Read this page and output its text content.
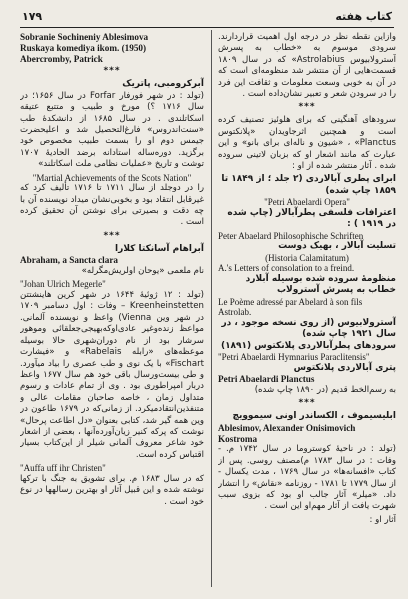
۱۷۹	کتاب هفته

Sobranie Sochineniy Ablesimova

Ruskaya komediya ikom. (1950)

Abercromby, Patrick

***

آبرکرومبی، پاتریک

(تولد : در شهر فورفار Forfar در سال ۱۶۵۶؛ در سال ۱۷۱۶ ؟) مورخ و طبیب و متتبع عتیقه اسکاتلندی . در سال ۱۶۸۵ از دانشکدهٔ طب «سنت‌اندروس» فارغ‌التحصیل شد و اعلیحضرت جیمس دوم او را بسمت طبیب مخصوص خود برگزید. دوره‌ساله استادانه برضد الحادیهٔ ۱۷۰۷ توشت و تاریخ «عملیات نظامی ملت اسکاتلند»

"Martial Achievements of the Scots Nation"

را در دوجلد از سال ۱۷۱۱ تا ۱۷۱۶ تألیف کرد که غیرقابل انتقاد بود و بخوبی‌نشان میداد نویسنده آن با چه دقت و بصیرتی برای نوشتن آن تحقیق کرده است .

***

آبراهام آسانکتا کلارا

Abraham, a Sancta clara

نام ملعمی «یوحان اولریش‌مگرله»

"Johan Ulrich Megerle"

(تولد : ۱۲ ژوئیهٔ ۱۶۴۴ در شهر کرین هاینشتتن Kreenheinstetten – وفات : اول دسامبر ۱۷۰۹ در شهر وین Vienna) واعظ و نویسنده آلمانی. مواعظ زنده‌وغیر عادی‌اوکه‌بهیجی‌جعلقائی وموهور سرشار بود از نام دوران‌شهری حالا بوسیله موعظه‌های «رابله Rabelais» و «فیشارت Fischart» با یک نوی و طب عصری را بیاد میآورد. و طی بیست‌ورسال باقی خود هم سال ۱۶۷۷ واعظ دربار امپراطوری بود . وی از تمام عادات و رسوم متداول زمان ، خاصه صاحبان مقامات عالی و متنفذین‌انتقادمیکرد. از زمانی‌که در ۱۶۷۹ طاعون در وین همه گیر شد، کتابی بعنوان «دل اطاعت پرحال» نوشت که پرکه کنیر زیان‌آورده‌آنها ، بعضی از اشعار خود شاعر معروف آلمانی شیلر از این‌کتاب بسیار اقتباس کرده است.

"Auffa uff ihr Christen"

که در سال ۱۶۸۳ م. برای تشویق به جنگ با ترکها نوشته شده و این قبیل آثار او بهترین رسالهها در نوع خود است .

وازاین نقطه نظر در درجه اول اهمیت قراردارند. سرودی موسوم به «خطاب به پسرش آسترولابیوس Astrolabius» که در سال ۱۸۰۹ قسمت‌هایی از آن منتشر شد منظومه‌ای است که در آن به خوبی وسعت معلومات و ثقافت این فرد را در سرودن شعر و تعبیر نشان‌داده است .

***

سرودهای آهنگینی که برای هلوئیز تصنیف کرده است و همچنین اثرجاویدان «پلانکتوس Planctus» ، «شیون و ناله‌ای برای بانو» و این عبارت که مانند اشعار او که بزبان لاتینی سروده شده . آثار منتشر شده از او :

ابرای پطری آبالاردی (۲ جلد ؛ از ۱۸۴۹ تا ۱۸۵۹ چاپ شده)

"Petri Abaelardi Opera"

اعترافات فلسفی پطرآبالار (چاپ شده در ۱۹۱۹ ) :

Peter Abaelard Philosophische Schriften

تسلیت آبالار ، بهیک دوست

(Historia Calamitatum)

A.'s Letters of consolation to a freind.

منظومهٔ سروده شده بوسیله آبلارد خطاب به پسرش آسترولاب

Le Poème adressé par Abelard à son fils Astrolab.

آسترولابیوس (از روی نسخه موجود ، در سال ۱۹۲۱ چاپ شده)

سرودهای پطرآبالاردی پلانکتوس (۱۸۹۱)

"Petri Abaelardi Hymnarius Paraclitensis"

پتری آبالاردی پلانکتوس

Petri Abaelardi Planctus

به رسم‌الخط قدیم (در ۱۸۹۰ چاپ شده)

***

ابلیسیموف ، الکساندر اونی سیموویچ

Ablesimov, Alexander Onisimovich

Kostroma

(تولد : در ناحیهٔ کوستروما در سال ۱۷۴۲ م. - وفات : در سال ۱۷۸۳ م)مصنف روسی. پس از کتاب «افسانه‌ها» در سال ۱۷۶۹ ، مدت یکسال - از سال ۱۷۷۹ تا ۱۷۸۱ - روزنامه «نقاش» را انتشار داد. «میلر» آثار جالب او بود که بزوی سبب شهرت یافت از آثار مهم‌او این است .

آثار او :
